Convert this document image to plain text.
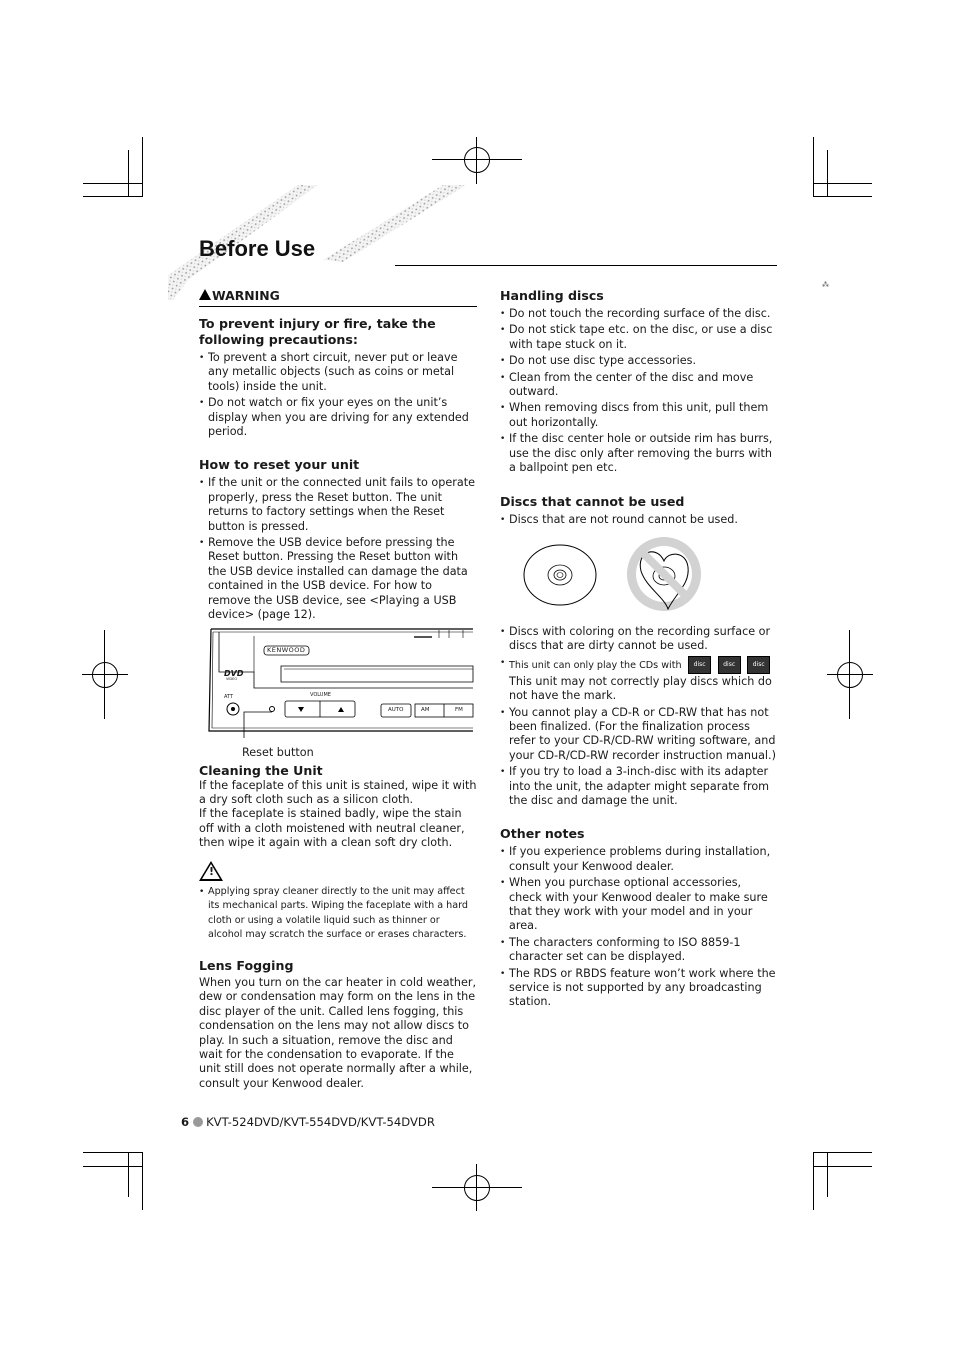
Before Use
⁂
WARNING
To prevent injury or fire, take the following precautions:
• To prevent a short circuit, never put or leave any metallic objects (such as coins or metal tools) inside the unit.
• Do not watch or fix your eyes on the unit’s display when you are driving for any extended period.
How to reset your unit
• If the unit or the connected unit fails to operate properly, press the Reset button. The unit returns to factory settings when the Reset button is pressed.
• Remove the USB device before pressing the Reset button. Pressing the Reset button with the USB device installed can damage the data contained in the USB device. For how to remove the USB device, see <Playing a USB device> (page 12).
KENWOOD
DVD
VIDEO
ATT	VOLUME
AUTO	AM	FM
Reset button
Cleaning the Unit

If the faceplate of this unit is stained, wipe it with a dry soft cloth such as a silicon cloth.

If the faceplate is stained badly, wipe the stain off with a cloth moistened with neutral cleaner, then wipe it again with a clean soft dry cloth.

!
• Applying spray cleaner directly to the unit may affect its mechanical parts. Wiping the faceplate with a hard cloth or using a volatile liquid such as thinner or alcohol may scratch the surface or erases characters.
Lens Fogging

When you turn on the car heater in cold weather, dew or condensation may form on the lens in the disc player of the unit. Called lens fogging, this condensation on the lens may not allow discs to play. In such a situation, remove the disc and wait for the condensation to evaporate. If the unit still does not operate normally after a while, consult your Kenwood dealer.

Handling discs
• Do not touch the recording surface of the disc.
• Do not stick tape etc. on the disc, or use a disc with tape stuck on it.
• Do not use disc type accessories.
• Clean from the center of the disc and move outward.
• When removing discs from this unit, pull them out horizontally.
• If the disc center hole or outside rim has burrs, use the disc only after removing the burrs with a ballpoint pen etc.
Discs that cannot be used
• Discs that are not round cannot be used.
• Discs with coloring on the recording surface or discs that are dirty cannot be used.
• This unit can only play the CDs with disc	disc	disc
This unit may not correctly play discs which do not have the mark.
• You cannot play a CD-R or CD-RW that has not been finalized. (For the finalization process refer to your CD-R/CD-RW writing software, and your CD-R/CD-RW recorder instruction manual.)
• If you try to load a 3-inch-disc with its adapter into the unit, the adapter might separate from the disc and damage the unit.
Other notes
• If you experience problems during installation, consult your Kenwood dealer.
• When you purchase optional accessories, check with your Kenwood dealer to make sure that they work with your model and in your area.
• The characters conforming to ISO 8859-1 character set can be displayed.
• The RDS or RBDS feature won’t work where the service is not supported by any broadcasting station.
6 KVT-524DVD/KVT-554DVD/KVT-54DVDR
